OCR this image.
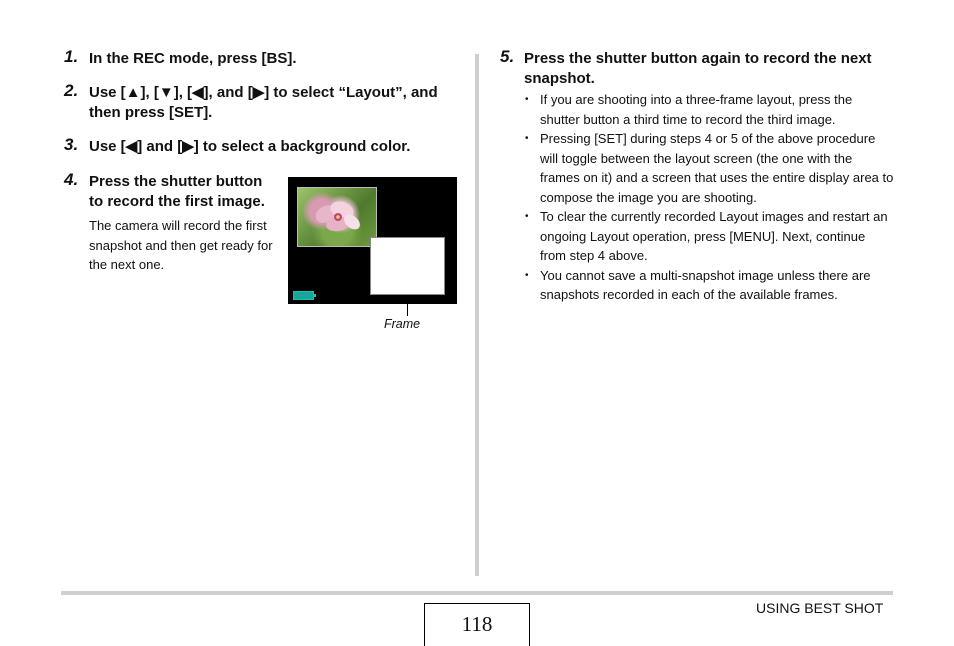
1. In the REC mode, press [BS].
2. Use [▲], [▼], [◀], and [▶] to select “Layout”, and then press [SET].
3. Use [◀] and [▶] to select a background color.
4. Press the shutter button to record the first image.
The camera will record the first snapshot and then get ready for the next one.
Frame
5. Press the shutter button again to record the next snapshot.
• If you are shooting into a three-frame layout, press the shutter button a third time to record the third image.
• Pressing [SET] during steps 4 or 5 of the above procedure will toggle between the layout screen (the one with the frames on it) and a screen that uses the entire display area to compose the image you are shooting.
• To clear the currently recorded Layout images and restart an ongoing Layout operation, press [MENU]. Next, continue from step 4 above.
• You cannot save a multi-snapshot image unless there are snapshots recorded in each of the available frames.
118
USING BEST SHOT
